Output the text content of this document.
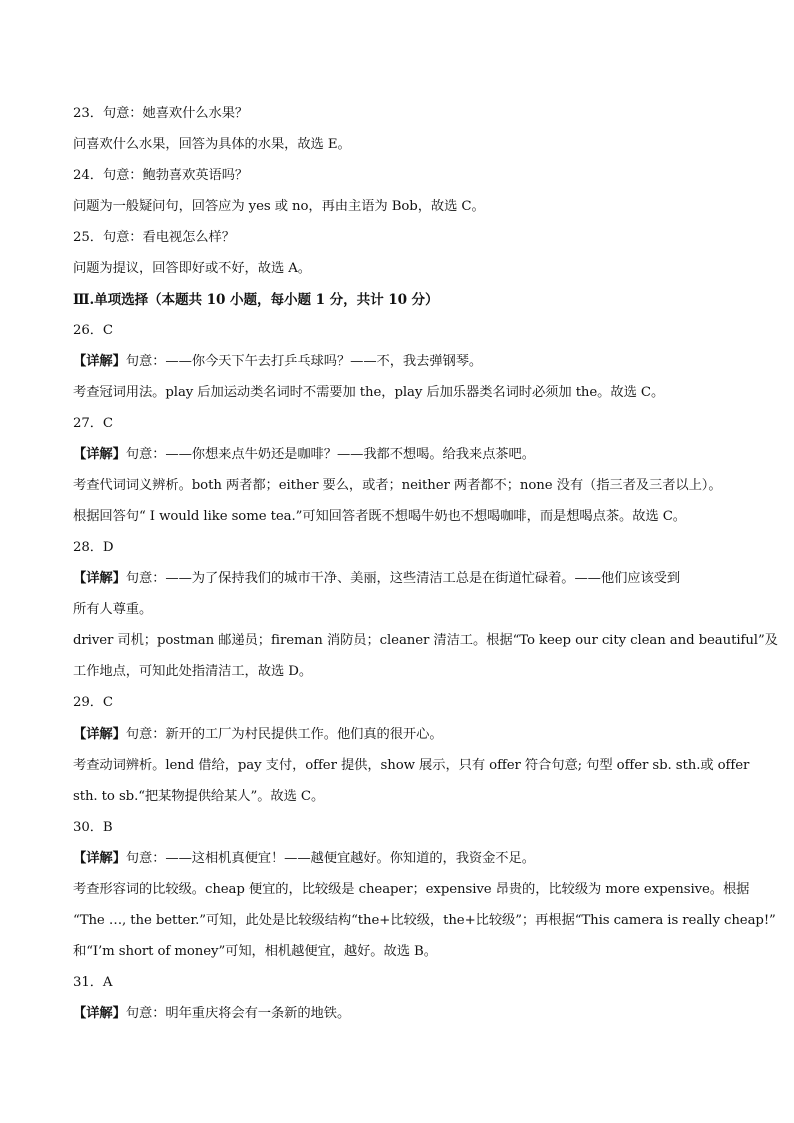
23．句意：她喜欢什么水果？
问喜欢什么水果，回答为具体的水果，故选 E。
24．句意：鲍勃喜欢英语吗？
问题为一般疑问句，回答应为 yes 或 no，再由主语为 Bob，故选 C。
25．句意：看电视怎么样？
问题为提议，回答即好或不好，故选 A。
Ⅲ.单项选择（本题共 10 小题，每小题 1 分，共计 10 分）
26．C
【详解】句意：——你今天下午去打乒乓球吗？——不，我去弹钢琴。
考查冠词用法。play 后加运动类名词时不需要加 the，play 后加乐器类名词时必须加 the。故选 C。
27．C
【详解】句意：——你想来点牛奶还是咖啡？——我都不想喝。给我来点茶吧。
考查代词词义辨析。both 两者都；either 要么，或者；neither 两者都不；none 没有（指三者及三者以上）。
根据回答句“ I would like some tea.”可知回答者既不想喝牛奶也不想喝咖啡，而是想喝点茶。故选 C。
28．D
【详解】句意：——为了保持我们的城市干净、美丽，这些清洁工总是在街道忙碌着。——他们应该受到
所有人尊重。
driver 司机；postman 邮递员；fireman 消防员；cleaner 清洁工。根据“To keep our city clean and beautiful”及
工作地点，可知此处指清洁工，故选 D。
29．C
【详解】句意：新开的工厂为村民提供工作。他们真的很开心。
考查动词辨析。lend 借给，pay 支付，offer 提供，show 展示，只有 offer 符合句意; 句型 offer sb. sth.或 offer
sth. to sb.“把某物提供给某人”。故选 C。
30．B
【详解】句意：——这相机真便宜！——越便宜越好。你知道的，我资金不足。
考查形容词的比较级。cheap 便宜的，比较级是 cheaper；expensive 昂贵的，比较级为 more expensive。根据
“The …, the better.”可知，此处是比较级结构“the+比较级，the+比较级”；再根据“This camera is really cheap!”
和“I’m short of money”可知，相机越便宜，越好。故选 B。
31．A
【详解】句意：明年重庆将会有一条新的地铁。
